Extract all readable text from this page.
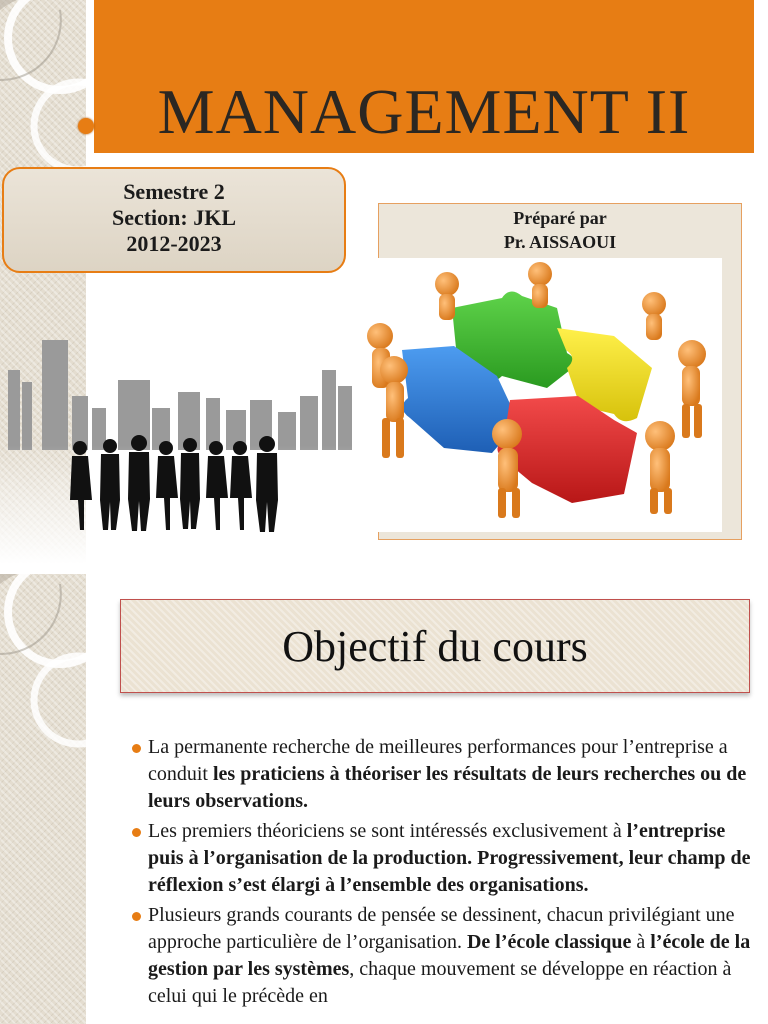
MANAGEMENT II
Semestre 2
Section: JKL
2012-2023
Préparé par
Pr. AISSAOUI
Objectif du cours
La permanente recherche de meilleures performances pour l’entreprise a conduit les praticiens à théoriser les résultats de leurs recherches ou de leurs observations.
Les premiers théoriciens se sont intéressés exclusivement à l’entreprise puis à l’organisation de la production. Progressivement, leur champ de réflexion s’est élargi à l’ensemble des organisations.
Plusieurs grands courants de pensée se dessinent, chacun privilégiant une approche particulière de l’organisation. De l’école classique à l’école de la gestion par les systèmes, chaque mouvement se développe en réaction à celui qui le précède en
